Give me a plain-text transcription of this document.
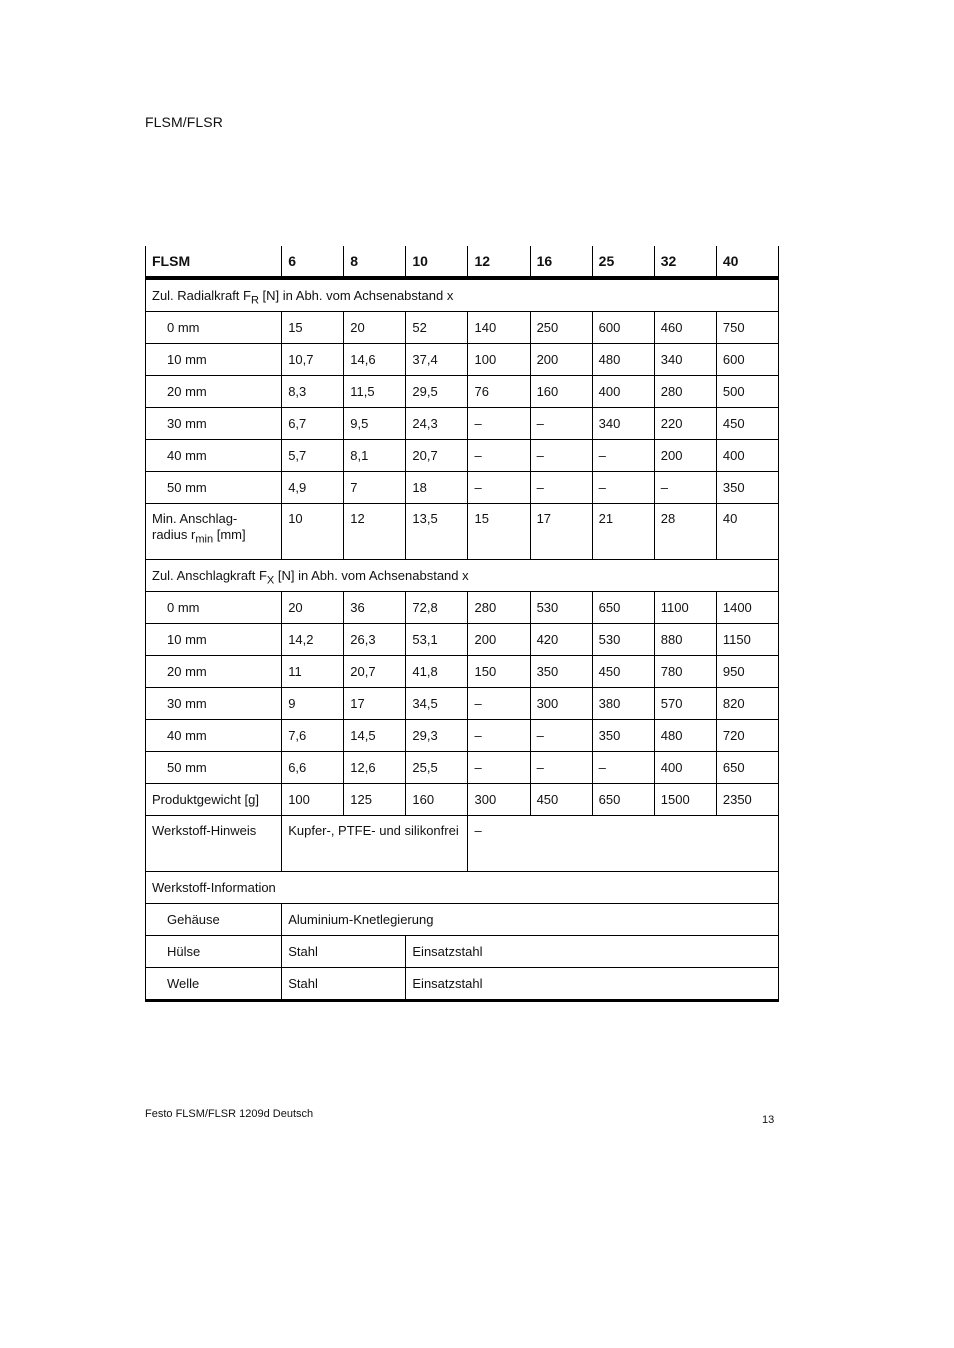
FLSM/FLSR
FLSM	6	8	10	12	16	25	32	40
Zul. Radialkraft $F_R$ [N] in Abh. vom Achsenabstand x								
0 mm	15	20	52	140	250	600	460	750
10 mm	10,7	14,6	37,4	100	200	480	340	600
20 mm	8,3	11,5	29,5	76	160	400	280	500
30 mm	6,7	9,5	24,3	–	–	340	220	450
40 mm	5,7	8,1	20,7	–	–	–	200	400
50 mm	4,9	7	18	–	–	–	–	350
Min. Anschlag-
radius $r_{min}$ [mm]	10	12	13,5	15	17	21	28	40
Zul. Anschlagkraft $F_X$ [N] in Abh. vom Achsenabstand x								
0 mm	20	36	72,8	280	530	650	1100	1400
10 mm	14,2	26,3	53,1	200	420	530	880	1150
20 mm	11	20,7	41,8	150	350	450	780	950
30 mm	9	17	34,5	–	300	380	570	820
40 mm	7,6	14,5	29,3	–	–	350	480	720
50 mm	6,6	12,6	25,5	–	–	–	400	650
Produktgewicht [g]	100	125	160	300	450	650	1500	2350
Werkstoff-Hinweis	Kupfer-, PTFE- und silikonfrei			–				
Werkstoff-Information								
Gehäuse	Aluminium-Knetlegierung							
Hülse	Stahl		Einsatzstahl					
Welle	Stahl		Einsatzstahl					
Festo FLSM/FLSR 1209d Deutsch	13
